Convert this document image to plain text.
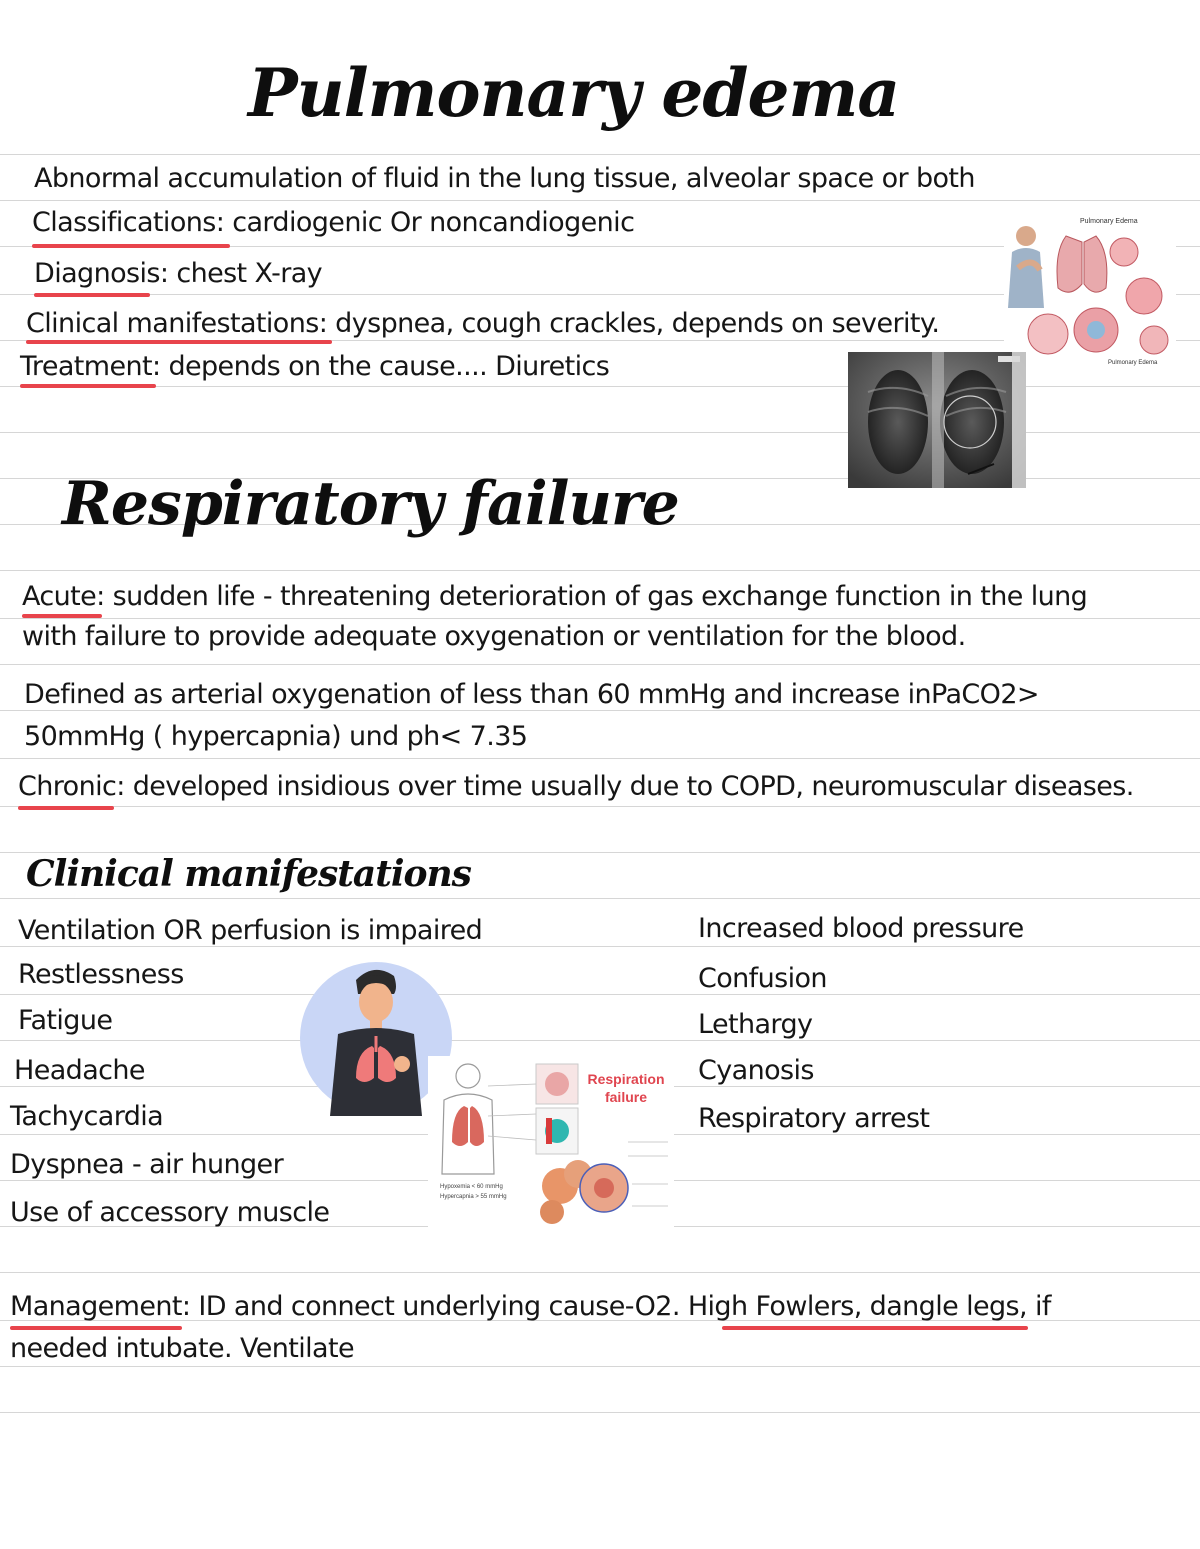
Pulmonary edema
Abnormal accumulation of fluid in the lung tissue, alveolar space or both
Classifications: cardiogenic Or noncandiogenic
Diagnosis: chest X-ray
Clinical manifestations: dyspnea, cough crackles, depends on severity.
Treatment: depends on the cause.... Diuretics
Pulmonary Edema
Pulmonary Edema
Respiratory failure
Acute: sudden life - threatening deterioration of gas exchange function in the lung
with failure to provide adequate oxygenation or ventilation for the blood.
Defined as arterial oxygenation of less than 60 mmHg and increase inPaCO2>
50mmHg ( hypercapnia) und ph< 7.35
Chronic: developed insidious over time usually due to COPD, neuromuscular diseases.
Clinical manifestations
Ventilation OR perfusion is impaired
Restlessness
Fatigue
Headache
Tachycardia
Dyspnea - air hunger
Use of accessory muscle
Increased blood pressure
Confusion
Lethargy
Cyanosis
Respiratory arrest
Respiration
failure
Hypoxemia < 60 mmHg
Hypercapnia > 55 mmHg
Management: ID and connect underlying cause-O2. High Fowlers, dangle legs, if
needed intubate. Ventilate
